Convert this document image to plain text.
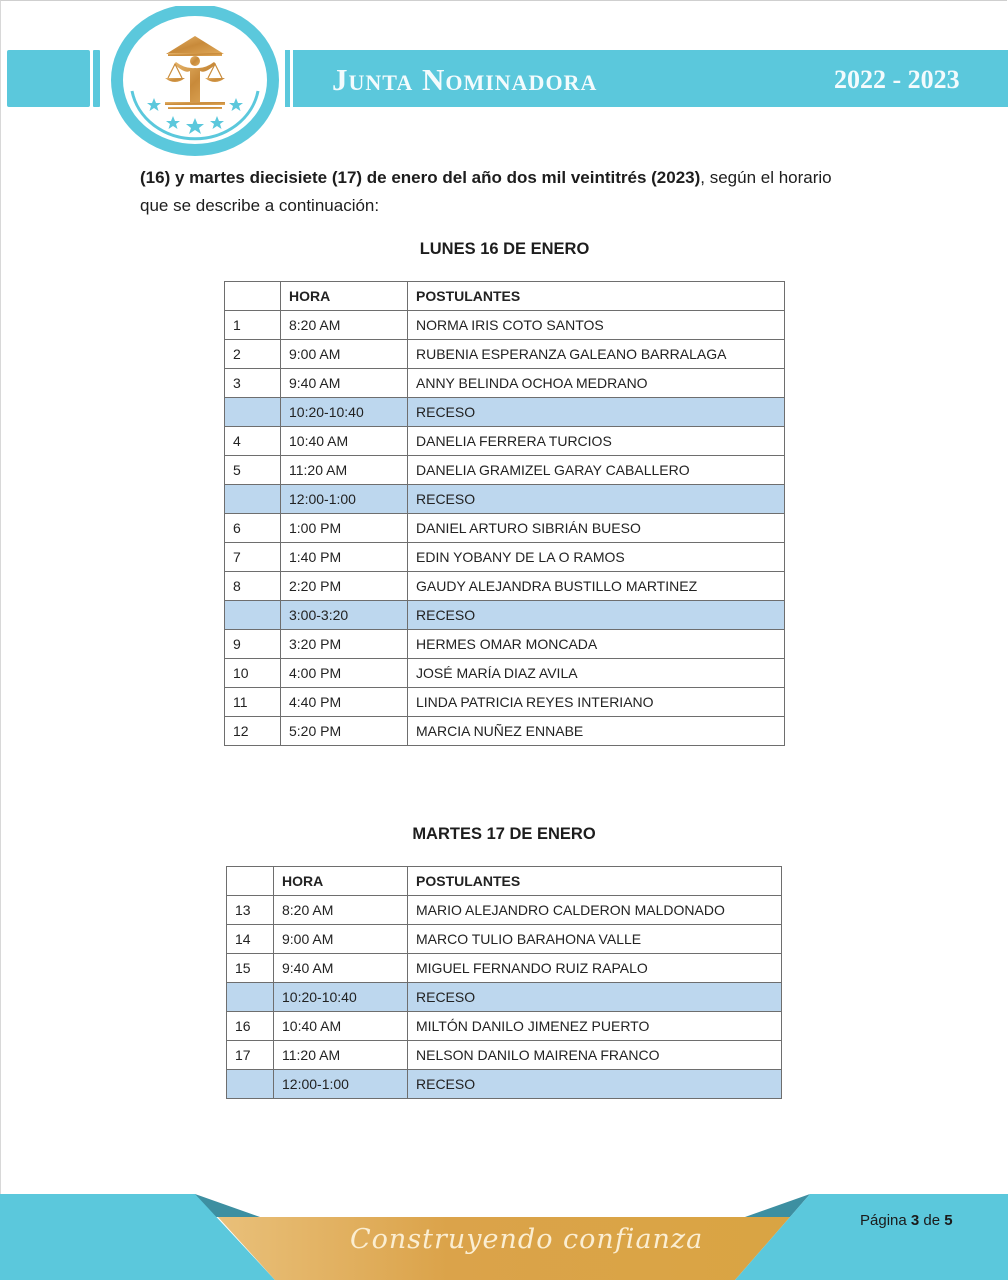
Junta Nominadora	2022 - 2023
(16) y martes diecisiete (17) de enero del año dos mil veintitrés (2023), según el horario
que se describe a continuación:
LUNES 16 DE ENERO
	HORA	POSTULANTES
1	8:20 AM	NORMA IRIS COTO SANTOS
2	9:00 AM	RUBENIA ESPERANZA GALEANO BARRALAGA
3	9:40 AM	ANNY BELINDA OCHOA MEDRANO
	10:20-10:40	RECESO
4	10:40 AM	DANELIA FERRERA TURCIOS
5	11:20 AM	DANELIA GRAMIZEL GARAY CABALLERO
	12:00-1:00	RECESO
6	1:00 PM	DANIEL ARTURO SIBRIÁN BUESO
7	1:40 PM	EDIN YOBANY DE LA O RAMOS
8	2:20 PM	GAUDY ALEJANDRA BUSTILLO MARTINEZ
	3:00-3:20	RECESO
9	3:20 PM	HERMES OMAR MONCADA
10	4:00 PM	JOSÉ MARÍA DIAZ AVILA
11	4:40 PM	LINDA PATRICIA REYES INTERIANO
12	5:20 PM	MARCIA NUÑEZ ENNABE
MARTES 17 DE ENERO
	HORA	POSTULANTES
13	8:20 AM	MARIO ALEJANDRO CALDERON MALDONADO
14	9:00 AM	MARCO TULIO BARAHONA VALLE
15	9:40 AM	MIGUEL FERNANDO RUIZ RAPALO
	10:20-10:40	RECESO
16	10:40 AM	MILTÓN DANILO JIMENEZ PUERTO
17	11:20 AM	NELSON DANILO MAIRENA FRANCO
	12:00-1:00	RECESO
Construyendo confianza
Página 3 de 5
